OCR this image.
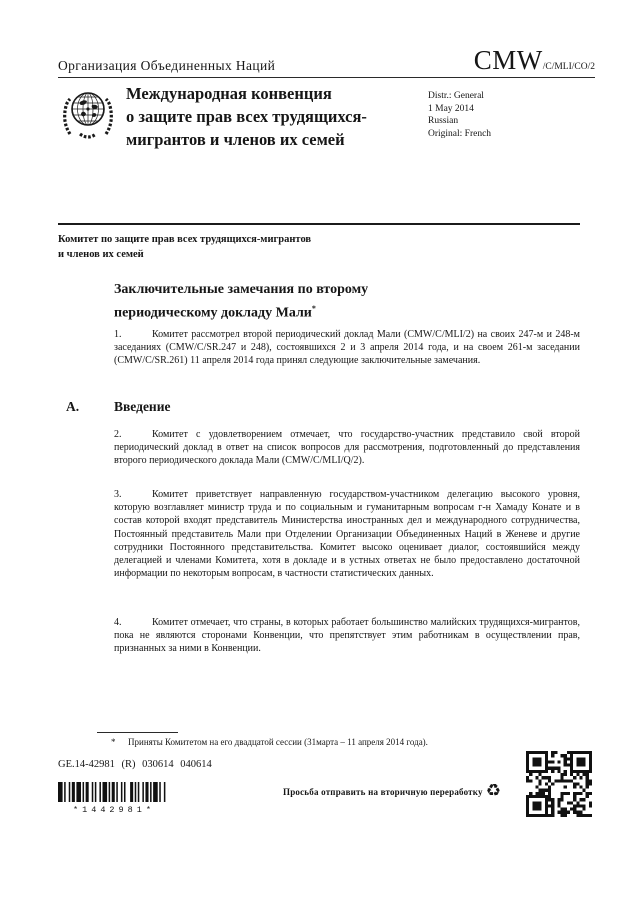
Организация Объединенных Наций	CMW /C/MLI/CO/2
Международная конвенция
о защите прав всех трудящихся-
мигрантов и членов их семей
Distr.: General
1 May 2014
Russian
Original: French
Комитет по защите прав всех трудящихся-мигрантов
и членов их семей
Заключительные замечания по второму
периодическому докладу Мали*
1.	Комитет рассмотрел второй периодический доклад Мали (CMW/C/MLI/2) на своих 247-м и 248-м заседаниях (CMW/C/SR.247 и 248), состоявшихся 2 и 3 апреля 2014 года, и на своем 261-м заседании (CMW/C/SR.261) 11 апреля 2014 года принял следующие заключительные замечания.
А.	Введение
2.	Комитет с удовлетворением отмечает, что государство-участник представило свой второй периодический доклад в ответ на список вопросов для рассмотрения, подготовленный до представления второго периодического доклада Мали (CMW/C/MLI/Q/2).
3.	Комитет приветствует направленную государством-участником делегацию высокого уровня, которую возглавляет министр труда и по социальным и гуманитарным вопросам г-н Хамаду Конате и в состав которой входят представитель Министерства иностранных дел и международного сотрудничества, Постоянный представитель Мали при Отделении Организации Объединенных Наций в Женеве и другие сотрудники Постоянного представительства. Комитет высоко оценивает диалог, состоявшийся между делегацией и членами Комитета, хотя в докладе и в устных ответах не было предоставлено достаточной информации по некоторым вопросам, в частности статистических данных.
4.	Комитет отмечает, что страны, в которых работает большинство малийских трудящихся-мигрантов, пока не являются сторонами Конвенции, что препятствует этим работникам в осуществлении прав, признанных за ними в Конвенции.
* Приняты Комитетом на его двадцатой сессии (31марта – 11 апреля 2014 года).
GE.14-42981 (R) 030614 040614
*1442981*
Просьба отправить на вторичную переработку ♻
